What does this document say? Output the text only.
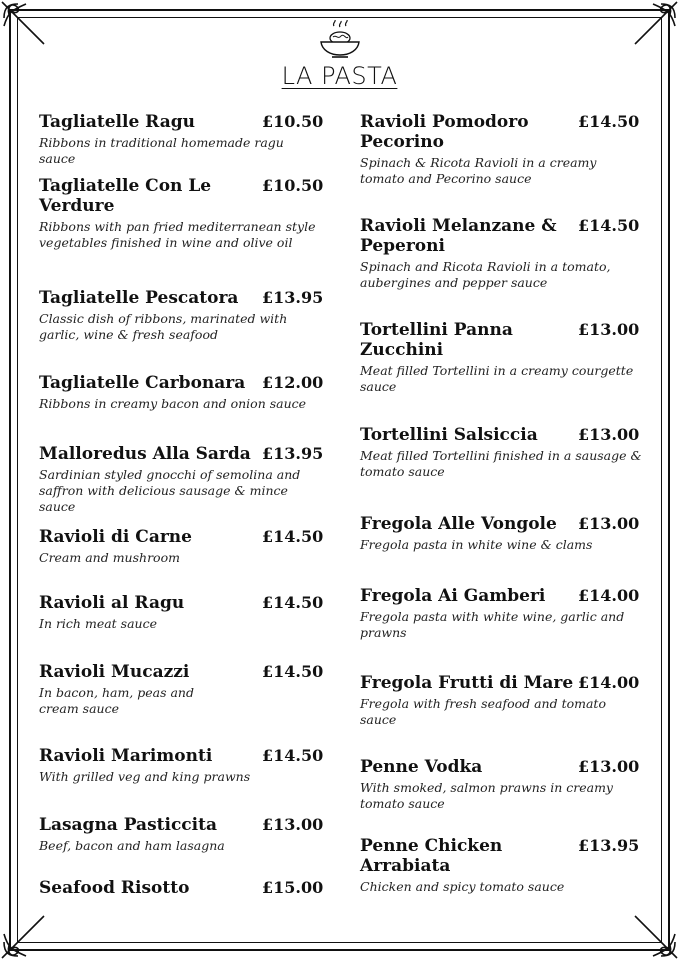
LA PASTA
Tagliatelle Ragu	£10.50
Ribbons in traditional homemade ragu sauce
Tagliatelle Con Le Verdure
£10.50
Ribbons with pan fried mediterranean style vegetables finished in wine and olive oil
Tagliatelle Pescatora	£13.95
Classic dish of ribbons, marinated with garlic, wine & fresh seafood
Tagliatelle Carbonara	£12.00
Ribbons in creamy bacon and onion sauce
Malloredus Alla Sarda £13.95
Sardinian styled gnocchi of semolina and saffron with delicious sausage & mince sauce
Ravioli di Carne	£14.50
Cream and mushroom
Ravioli al Ragu	£14.50
In rich meat sauce
Ravioli Mucazzi	£14.50
In bacon, ham, peas and cream sauce
Ravioli Marimonti	£14.50
With grilled veg and king prawns
Lasagna Pasticcita	£13.00
Beef, bacon and ham lasagna
Seafood Risotto	£15.00
Ravioli Pomodoro Pecorino
£14.50
Spinach & Ricota Ravioli in a creamy tomato and Pecorino sauce
Ravioli Melanzane & Peperoni
£14.50
Spinach and Ricota Ravioli in a tomato, aubergines and pepper sauce
Tortellini Panna Zucchini
£13.00
Meat filled Tortellini in a creamy courgette sauce
Tortellini Salsiccia	£13.00
Meat filled Tortellini finished in a sausage & tomato sauce
Fregola Alle Vongole	£13.00
Fregola pasta in white wine & clams
Fregola Ai Gamberi	£14.00
Fregola pasta with white wine, garlic and prawns
Fregola Frutti di Mare £14.00
Fregola with fresh seafood and tomato sauce
Penne Vodka	£13.00
With smoked, salmon prawns in creamy tomato sauce
Penne Chicken Arrabiata
£13.95
Chicken and spicy tomato sauce
